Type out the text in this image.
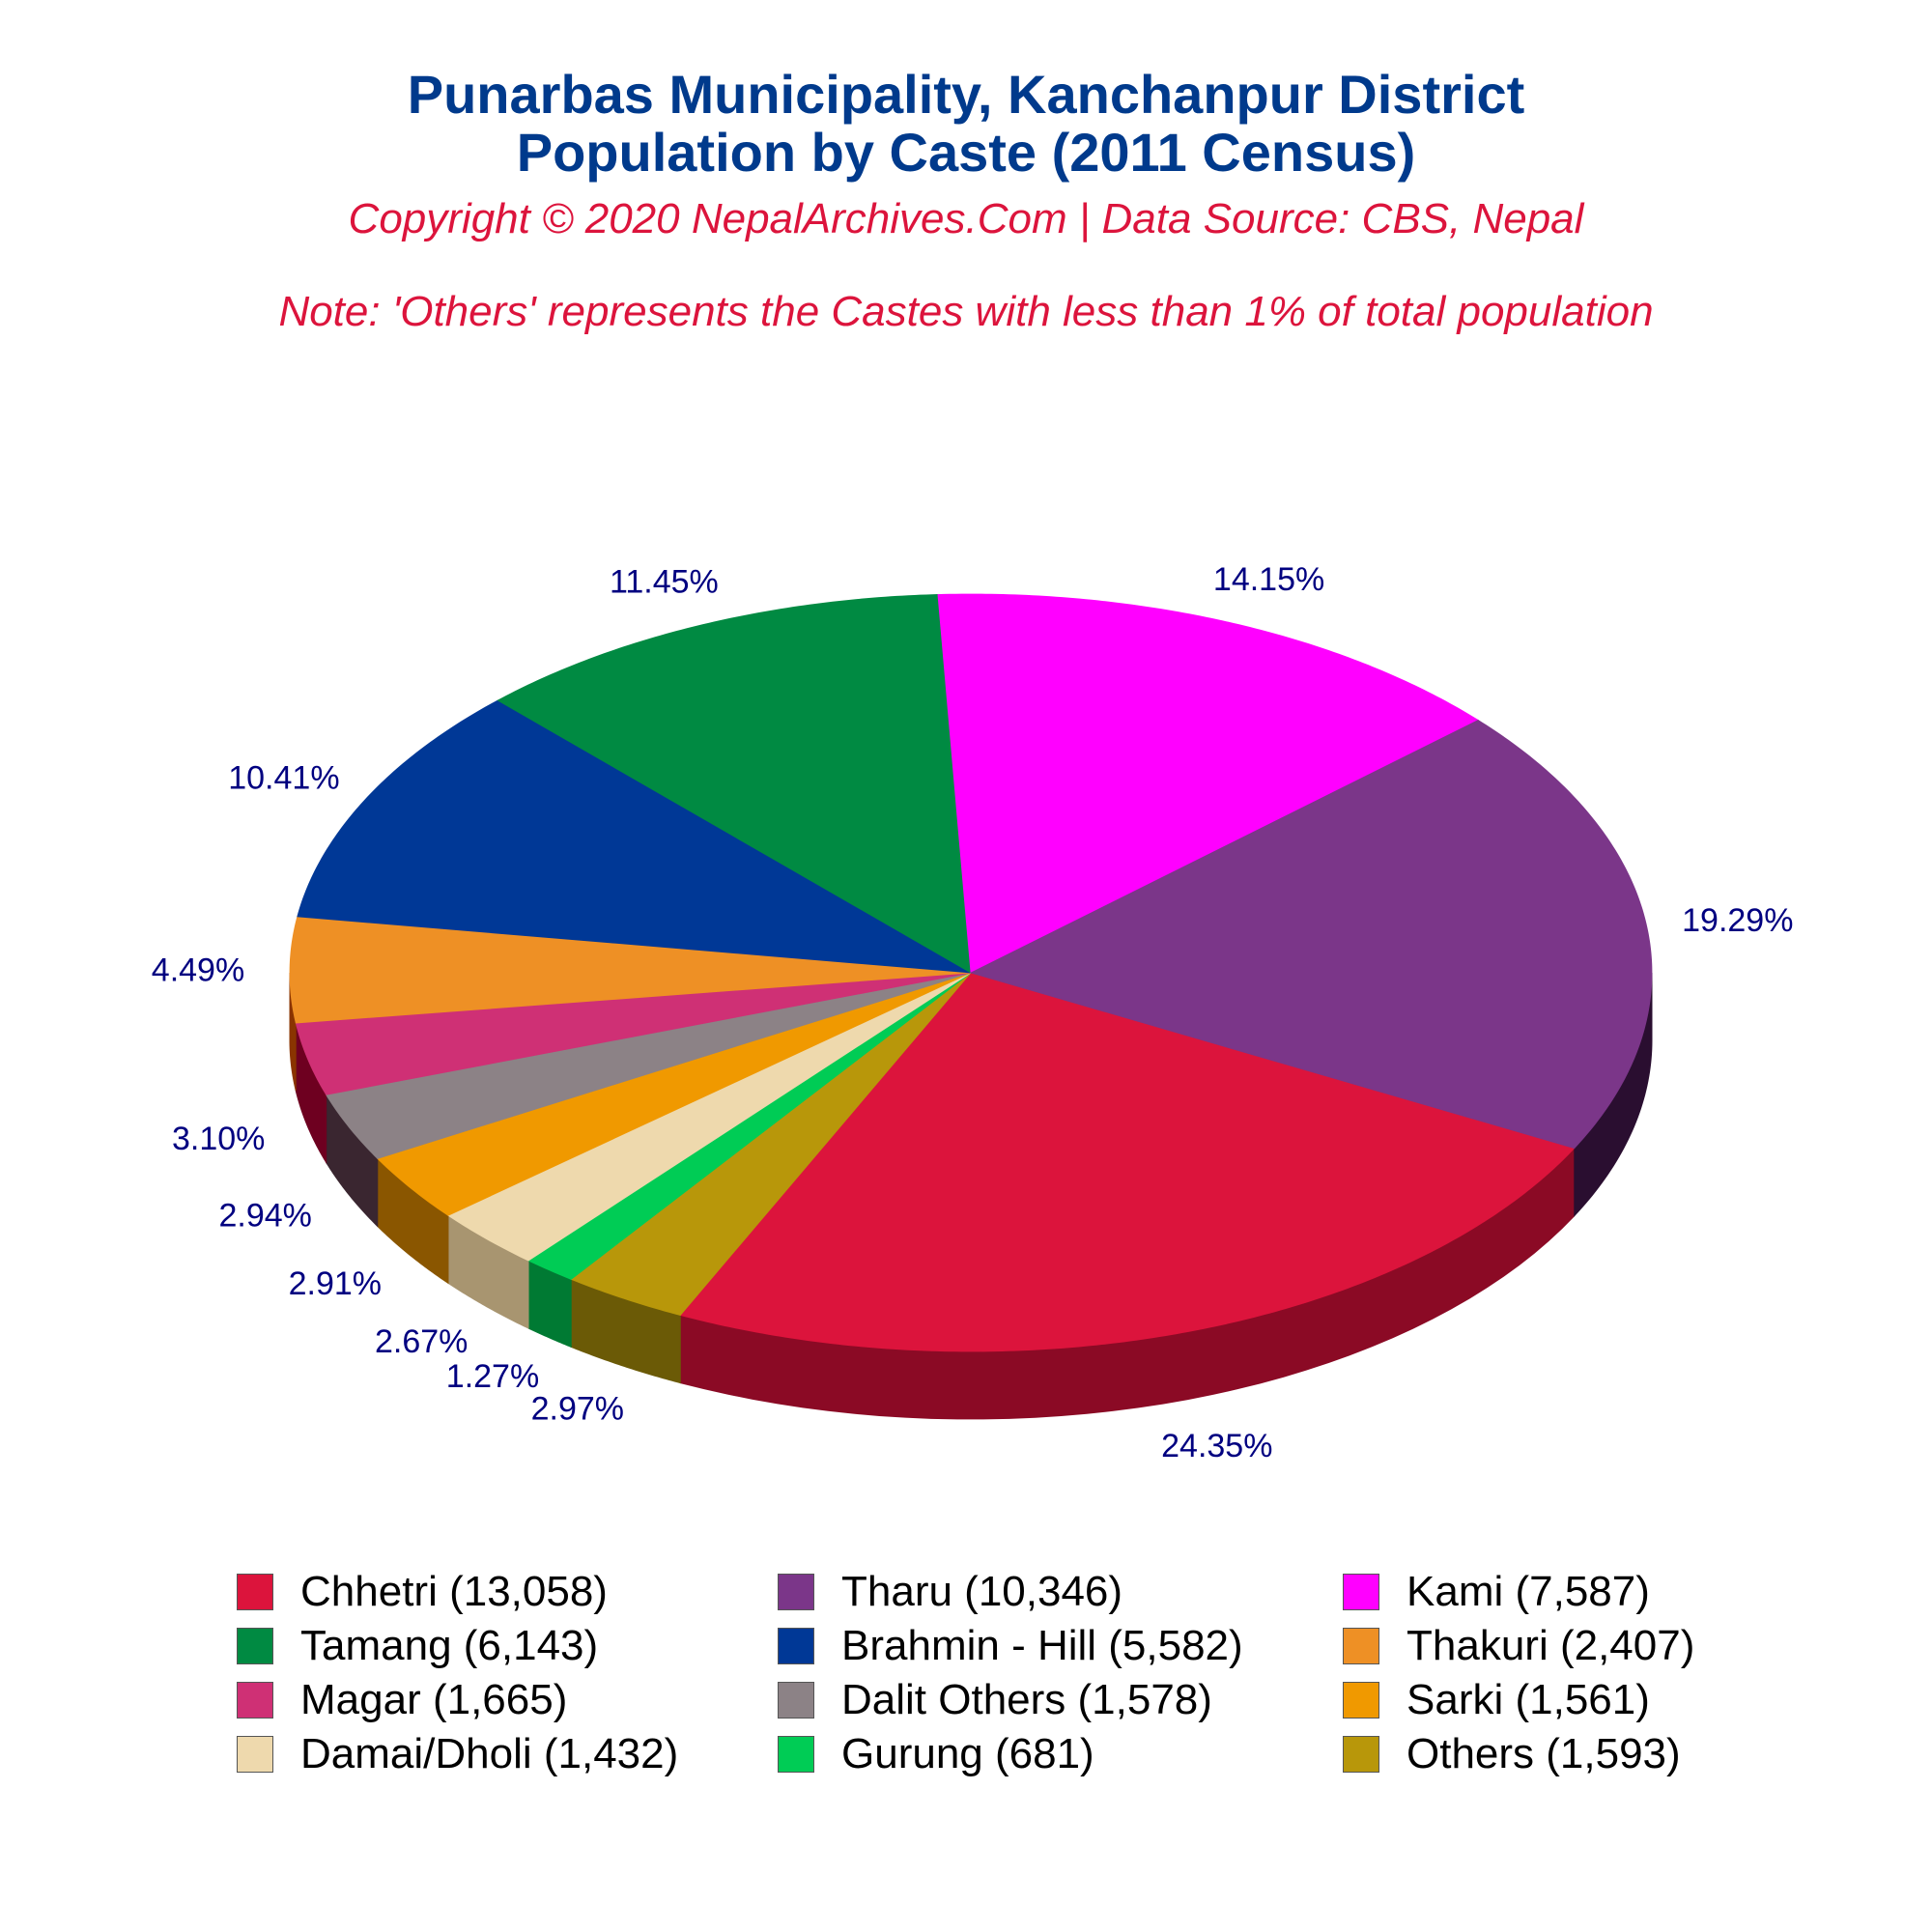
Punarbas Municipality, Kanchanpur District
Population by Caste (2011 Census)
Copyright © 2020 NepalArchives.Com | Data Source: CBS, Nepal
Note: 'Others' represents the Castes with less than 1% of total population
24.35%
2.97%
1.27%
2.67%
2.91%
2.94%
3.10%
4.49%
10.41%
11.45%	14.15%
19.29%
Chhetri (13,058)	Tharu (10,346)	Kami (7,587)
Tamang (6,143)	Brahmin - Hill (5,582)	Thakuri (2,407)
Magar (1,665)	Dalit Others (1,578)	Sarki (1,561)
Damai/Dholi (1,432)	Gurung (681)	Others (1,593)
